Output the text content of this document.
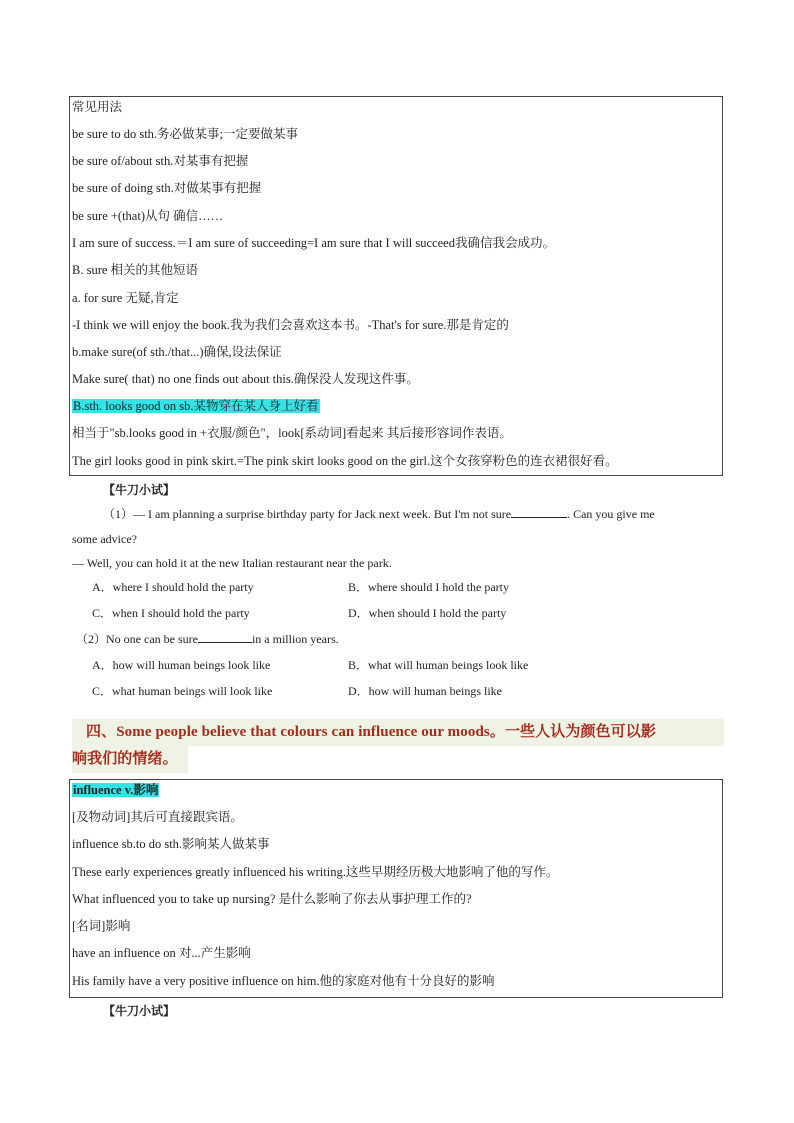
常见用法
be sure to do sth.务必做某事;一定要做某事
be sure of/about sth.对某事有把握
be sure of doing sth.对做某事有把握
be sure +(that)从句 确信……
I am sure of success.＝I am sure of succeeding=I am sure that I will succeed我确信我会成功。
B. sure 相关的其他短语
a. for sure 无疑,肯定
-I think we will enjoy the book.我为我们会喜欢这本书。-That's for sure.那是肯定的
b.make sure(of sth./that...)确保,设法保证
Make sure( that) no one finds out about this.确保没人发现这件事。
B.sth. looks good on sb.某物穿在某人身上好看
相当于"sb.looks good in +衣服/颜色"，look[系动词]看起来 其后接形容词作表语。
The girl looks good in pink skirt.=The pink skirt looks good on the girl.这个女孩穿粉色的连衣裙很好看。
【牛刀小试】
（1）— I am planning a surprise birthday party for Jack next week. But I'm not sure	. Can you give me
some advice?
— Well, you can hold it at the new Italian restaurant near the park.
A．where I should hold the party	B．where should I hold the party
C．when I should hold the party	D．when should I hold the party
（2）No one can be sure	in a million years.
A．how will human beings look like	B．what will human beings look like
C．what human beings will look like	D．how will human beings like
四、Some people believe that colours can influence our moods。一些人认为颜色可以影
响我们的情绪。
influence v.影响
[及物动词]其后可直接跟宾语。
influence sb.to do sth.影响某人做某事
These early experiences greatly influenced his writing.这些早期经历极大地影响了他的写作。
What influenced you to take up nursing? 是什么影响了你去从事护理工作的?
[名词]影响
have an influence on 对...产生影响
His family have a very positive influence on him.他的家庭对他有十分良好的影响
【牛刀小试】
